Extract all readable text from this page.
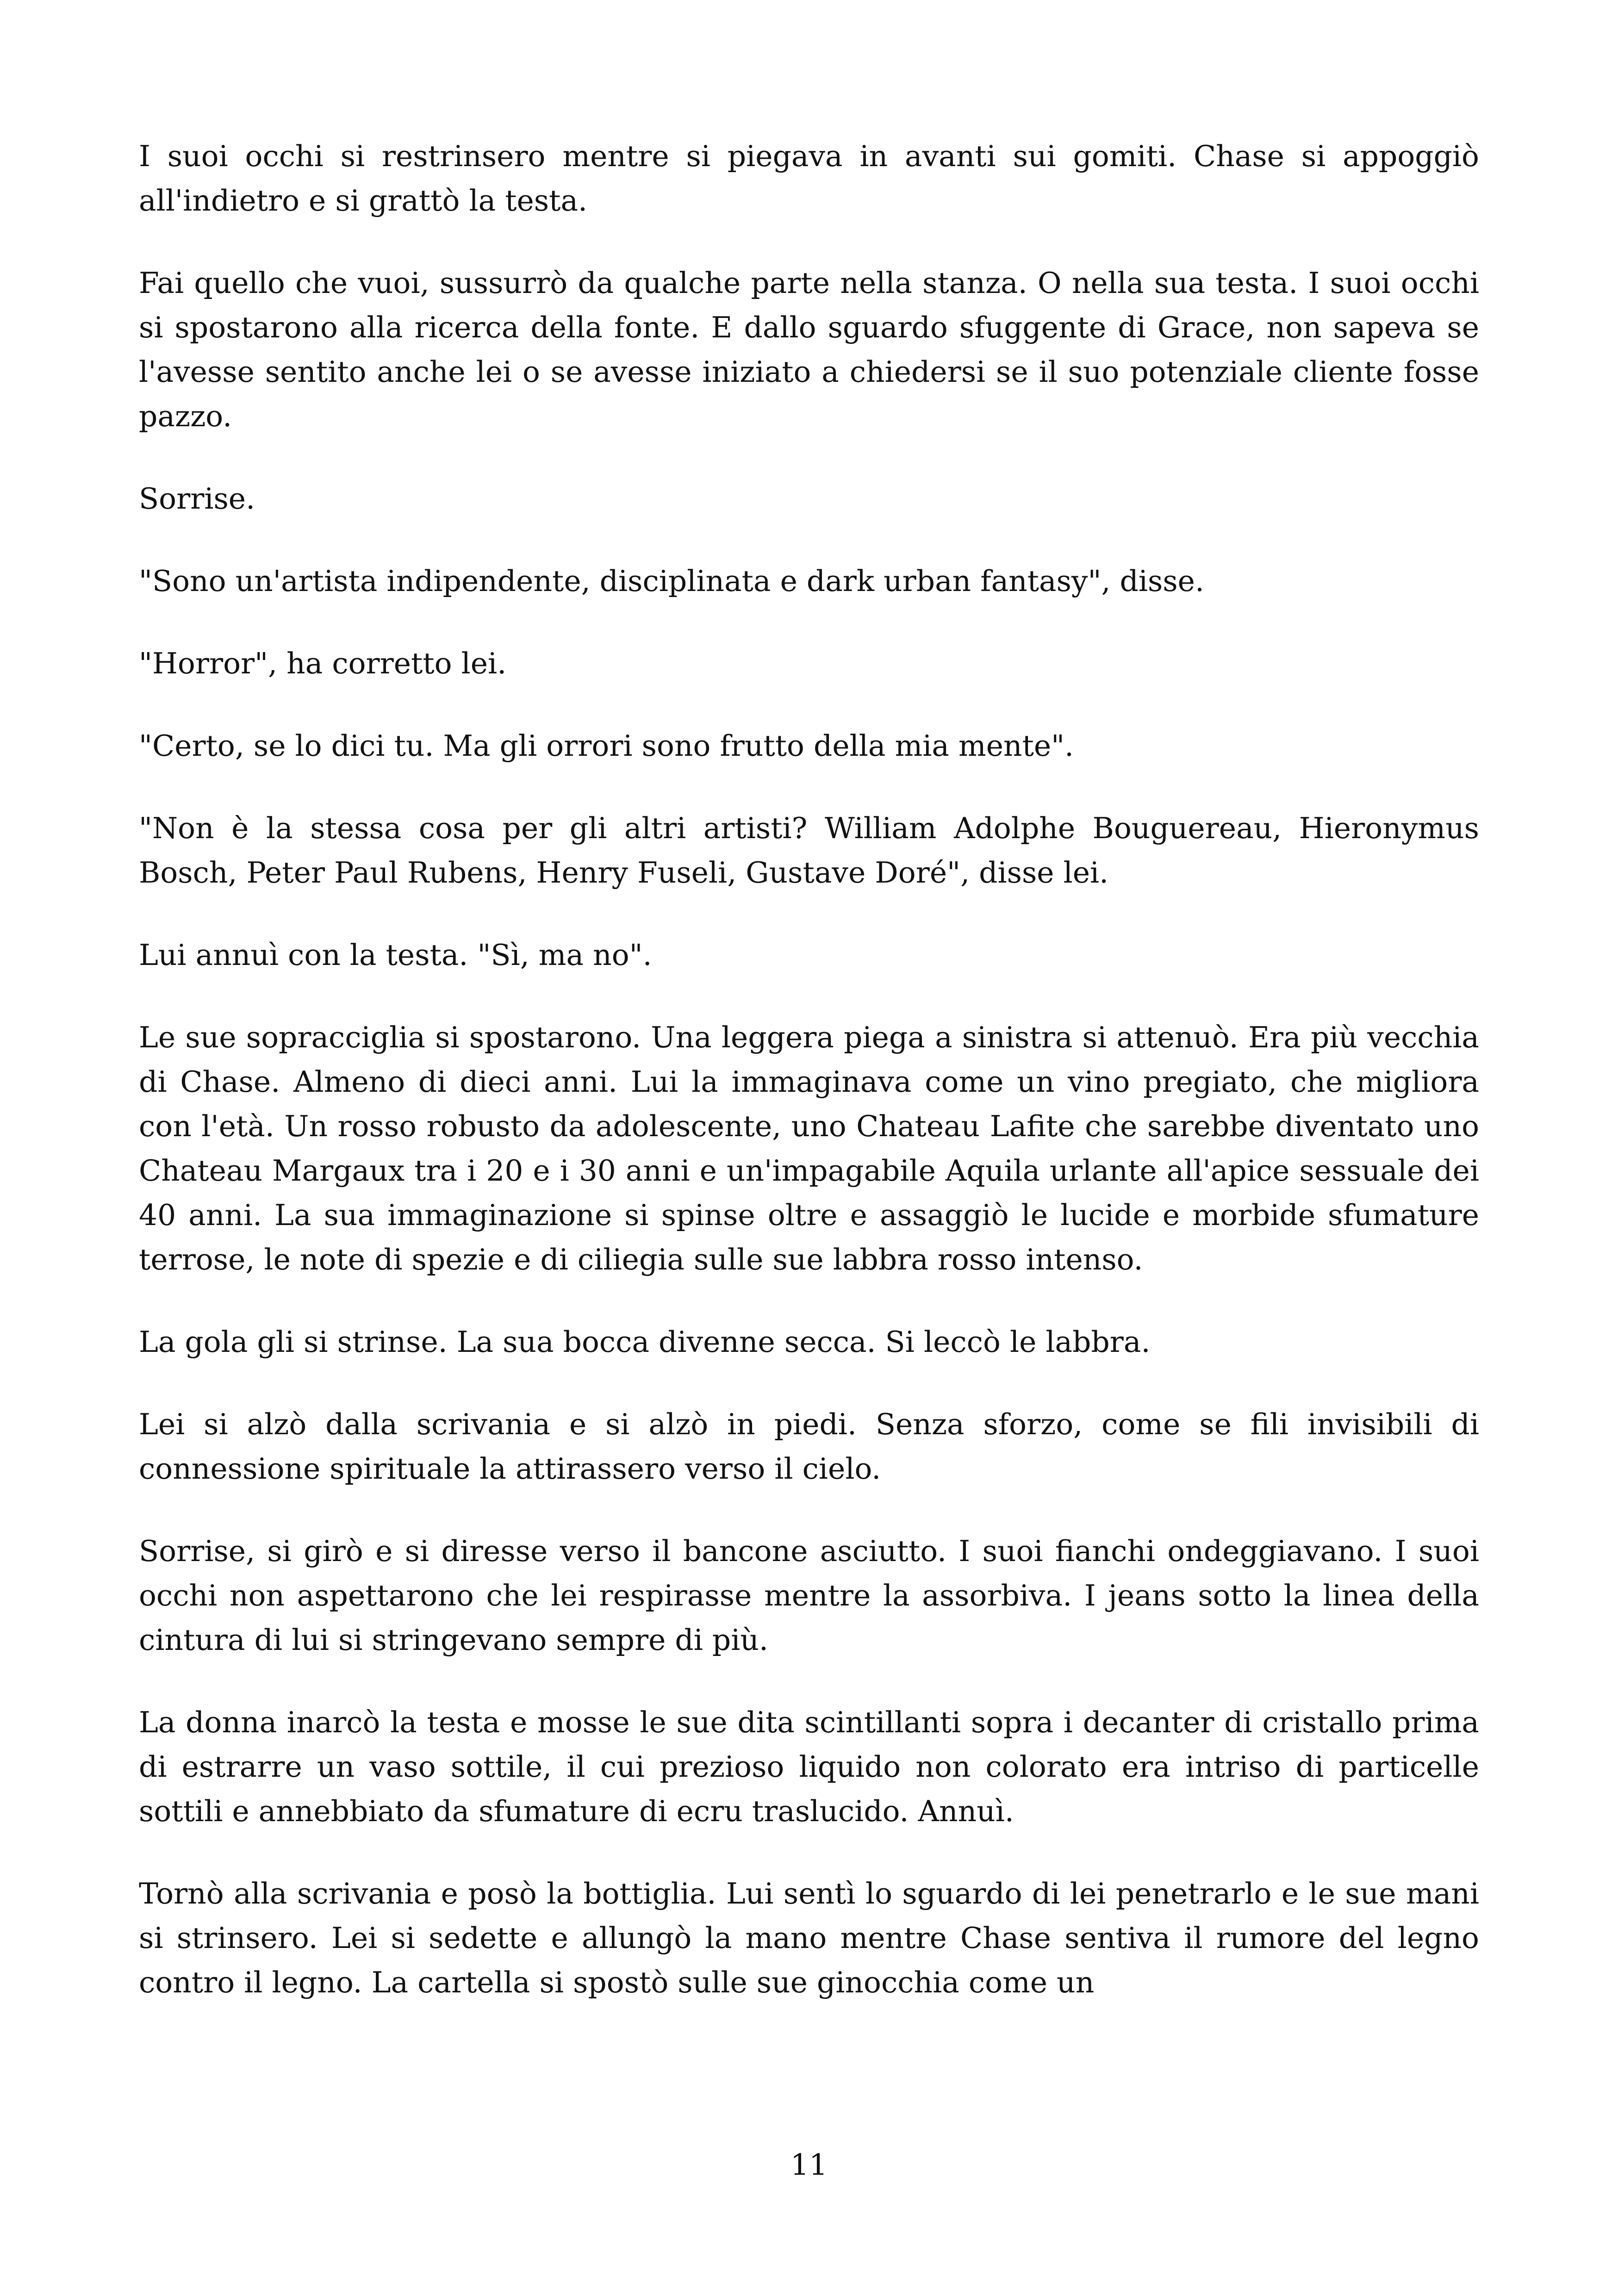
I suoi occhi si restrinsero mentre si piegava in avanti sui gomiti. Chase si appoggiò all'indietro e si grattò la testa.

Fai quello che vuoi, sussurrò da qualche parte nella stanza. O nella sua testa. I suoi occhi si spostarono alla ricerca della fonte. E dallo sguardo sfuggente di Grace, non sapeva se l'avesse sentito anche lei o se avesse iniziato a chiedersi se il suo potenziale cliente fosse pazzo.

Sorrise.

"Sono un'artista indipendente, disciplinata e dark urban fantasy", disse.

"Horror", ha corretto lei.

"Certo, se lo dici tu. Ma gli orrori sono frutto della mia mente".

"Non è la stessa cosa per gli altri artisti? William Adolphe Bouguereau, Hieronymus Bosch, Peter Paul Rubens, Henry Fuseli, Gustave Doré", disse lei.

Lui annuì con la testa. "Sì, ma no".

Le sue sopracciglia si spostarono. Una leggera piega a sinistra si attenuò. Era più vecchia di Chase. Almeno di dieci anni. Lui la immaginava come un vino pregiato, che migliora con l'età. Un rosso robusto da adolescente, uno Chateau Lafite che sarebbe diventato uno Chateau Margaux tra i 20 e i 30 anni e un'impagabile Aquila urlante all'apice sessuale dei 40 anni. La sua immaginazione si spinse oltre e assaggiò le lucide e morbide sfumature terrose, le note di spezie e di ciliegia sulle sue labbra rosso intenso.

La gola gli si strinse. La sua bocca divenne secca. Si leccò le labbra.

Lei si alzò dalla scrivania e si alzò in piedi. Senza sforzo, come se fili invisibili di connessione spirituale la attirassero verso il cielo.

Sorrise, si girò e si diresse verso il bancone asciutto. I suoi fianchi ondeggiavano. I suoi occhi non aspettarono che lei respirasse mentre la assorbiva. I jeans sotto la linea della cintura di lui si stringevano sempre di più.

La donna inarcò la testa e mosse le sue dita scintillanti sopra i decanter di cristallo prima di estrarre un vaso sottile, il cui prezioso liquido non colorato era intriso di particelle sottili e annebbiato da sfumature di ecru traslucido. Annuì.

Tornò alla scrivania e posò la bottiglia. Lui sentì lo sguardo di lei penetrarlo e le sue mani si strinsero. Lei si sedette e allungò la mano mentre Chase sentiva il rumore del legno contro il legno. La cartella si spostò sulle sue ginocchia come un

11
